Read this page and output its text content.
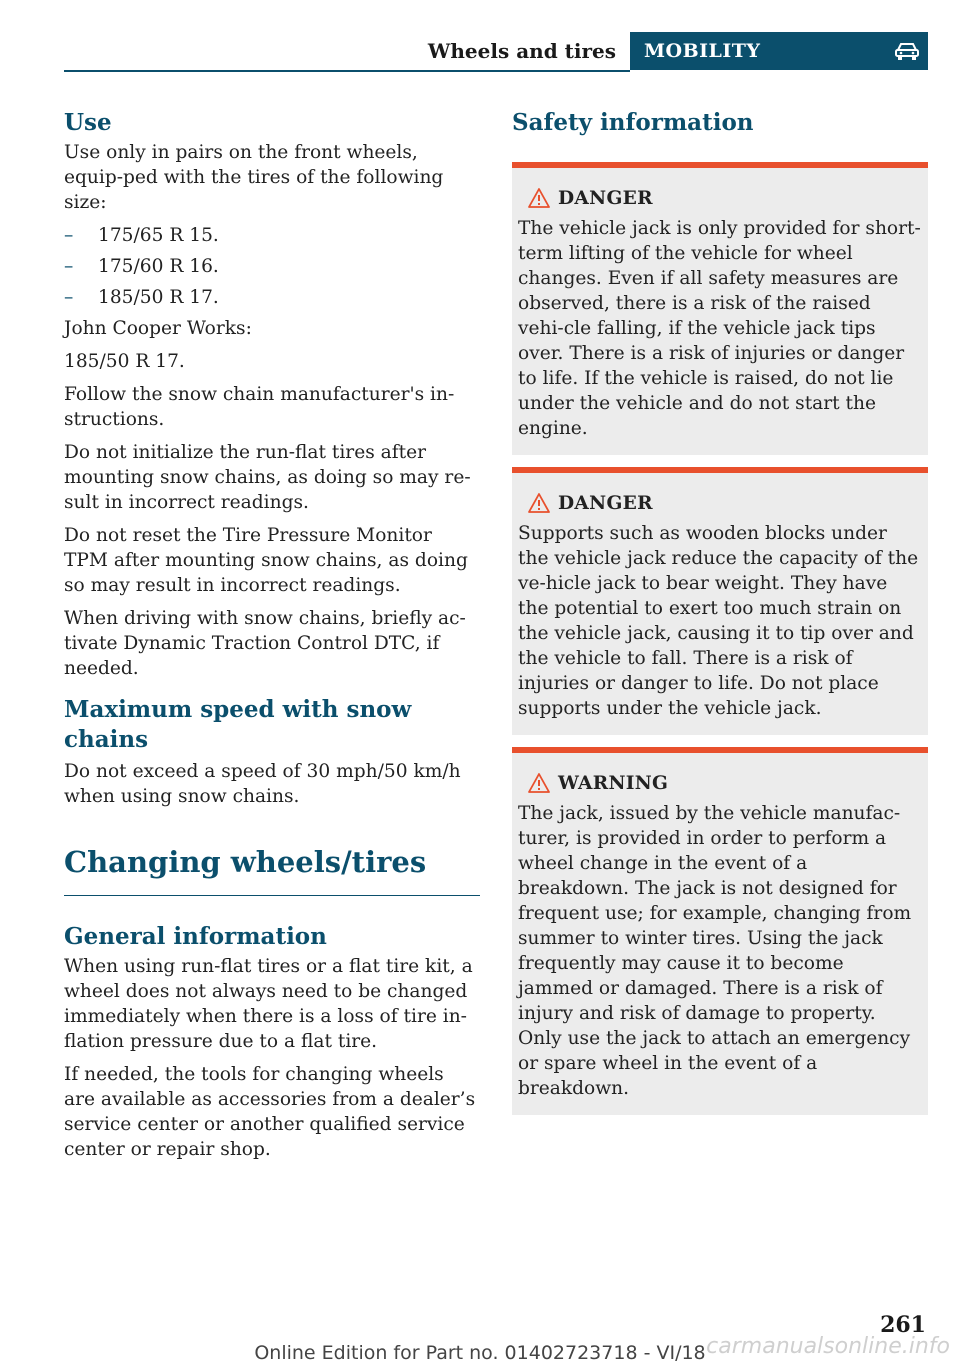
Wheels and tires	MOBILITY
Use

Use only in pairs on the front wheels, equip-ped with the tires of the following size:

– 175/65 R 15.
– 175/60 R 16.
– 185/50 R 17.

John Cooper Works:

185/50 R 17.

Follow the snow chain manufacturer's in-structions.

Do not initialize the run-flat tires after mounting snow chains, as doing so may re-sult in incorrect readings.

Do not reset the Tire Pressure Monitor TPM after mounting snow chains, as doing so may result in incorrect readings.

When driving with snow chains, briefly ac-tivate Dynamic Traction Control DTC, if needed.

Maximum speed with snow chains

Do not exceed a speed of 30 mph/50 km/h when using snow chains.

Changing wheels/tires
General information

When using run-flat tires or a flat tire kit, a wheel does not always need to be changed immediately when there is a loss of tire in-flation pressure due to a flat tire.

If needed, the tools for changing wheels are available as accessories from a dealer’s service center or another qualified service center or repair shop.

Safety information
DANGER

The vehicle jack is only provided for short-term lifting of the vehicle for wheel changes. Even if all safety measures are observed, there is a risk of the raised vehi-cle falling, if the vehicle jack tips over. There is a risk of injuries or danger to life. If the vehicle is raised, do not lie under the vehicle and do not start the engine.

DANGER

Supports such as wooden blocks under the vehicle jack reduce the capacity of the ve-hicle jack to bear weight. They have the potential to exert too much strain on the vehicle jack, causing it to tip over and the vehicle to fall. There is a risk of injuries or danger to life. Do not place supports under the vehicle jack.

WARNING

The jack, issued by the vehicle manufac-turer, is provided in order to perform a wheel change in the event of a breakdown. The jack is not designed for frequent use; for example, changing from summer to winter tires. Using the jack frequently may cause it to become jammed or damaged. There is a risk of injury and risk of damage to property. Only use the jack to attach an emergency or spare wheel in the event of a breakdown.

261
carmanualsonline.info
Online Edition for Part no. 01402723718 - VI/18
